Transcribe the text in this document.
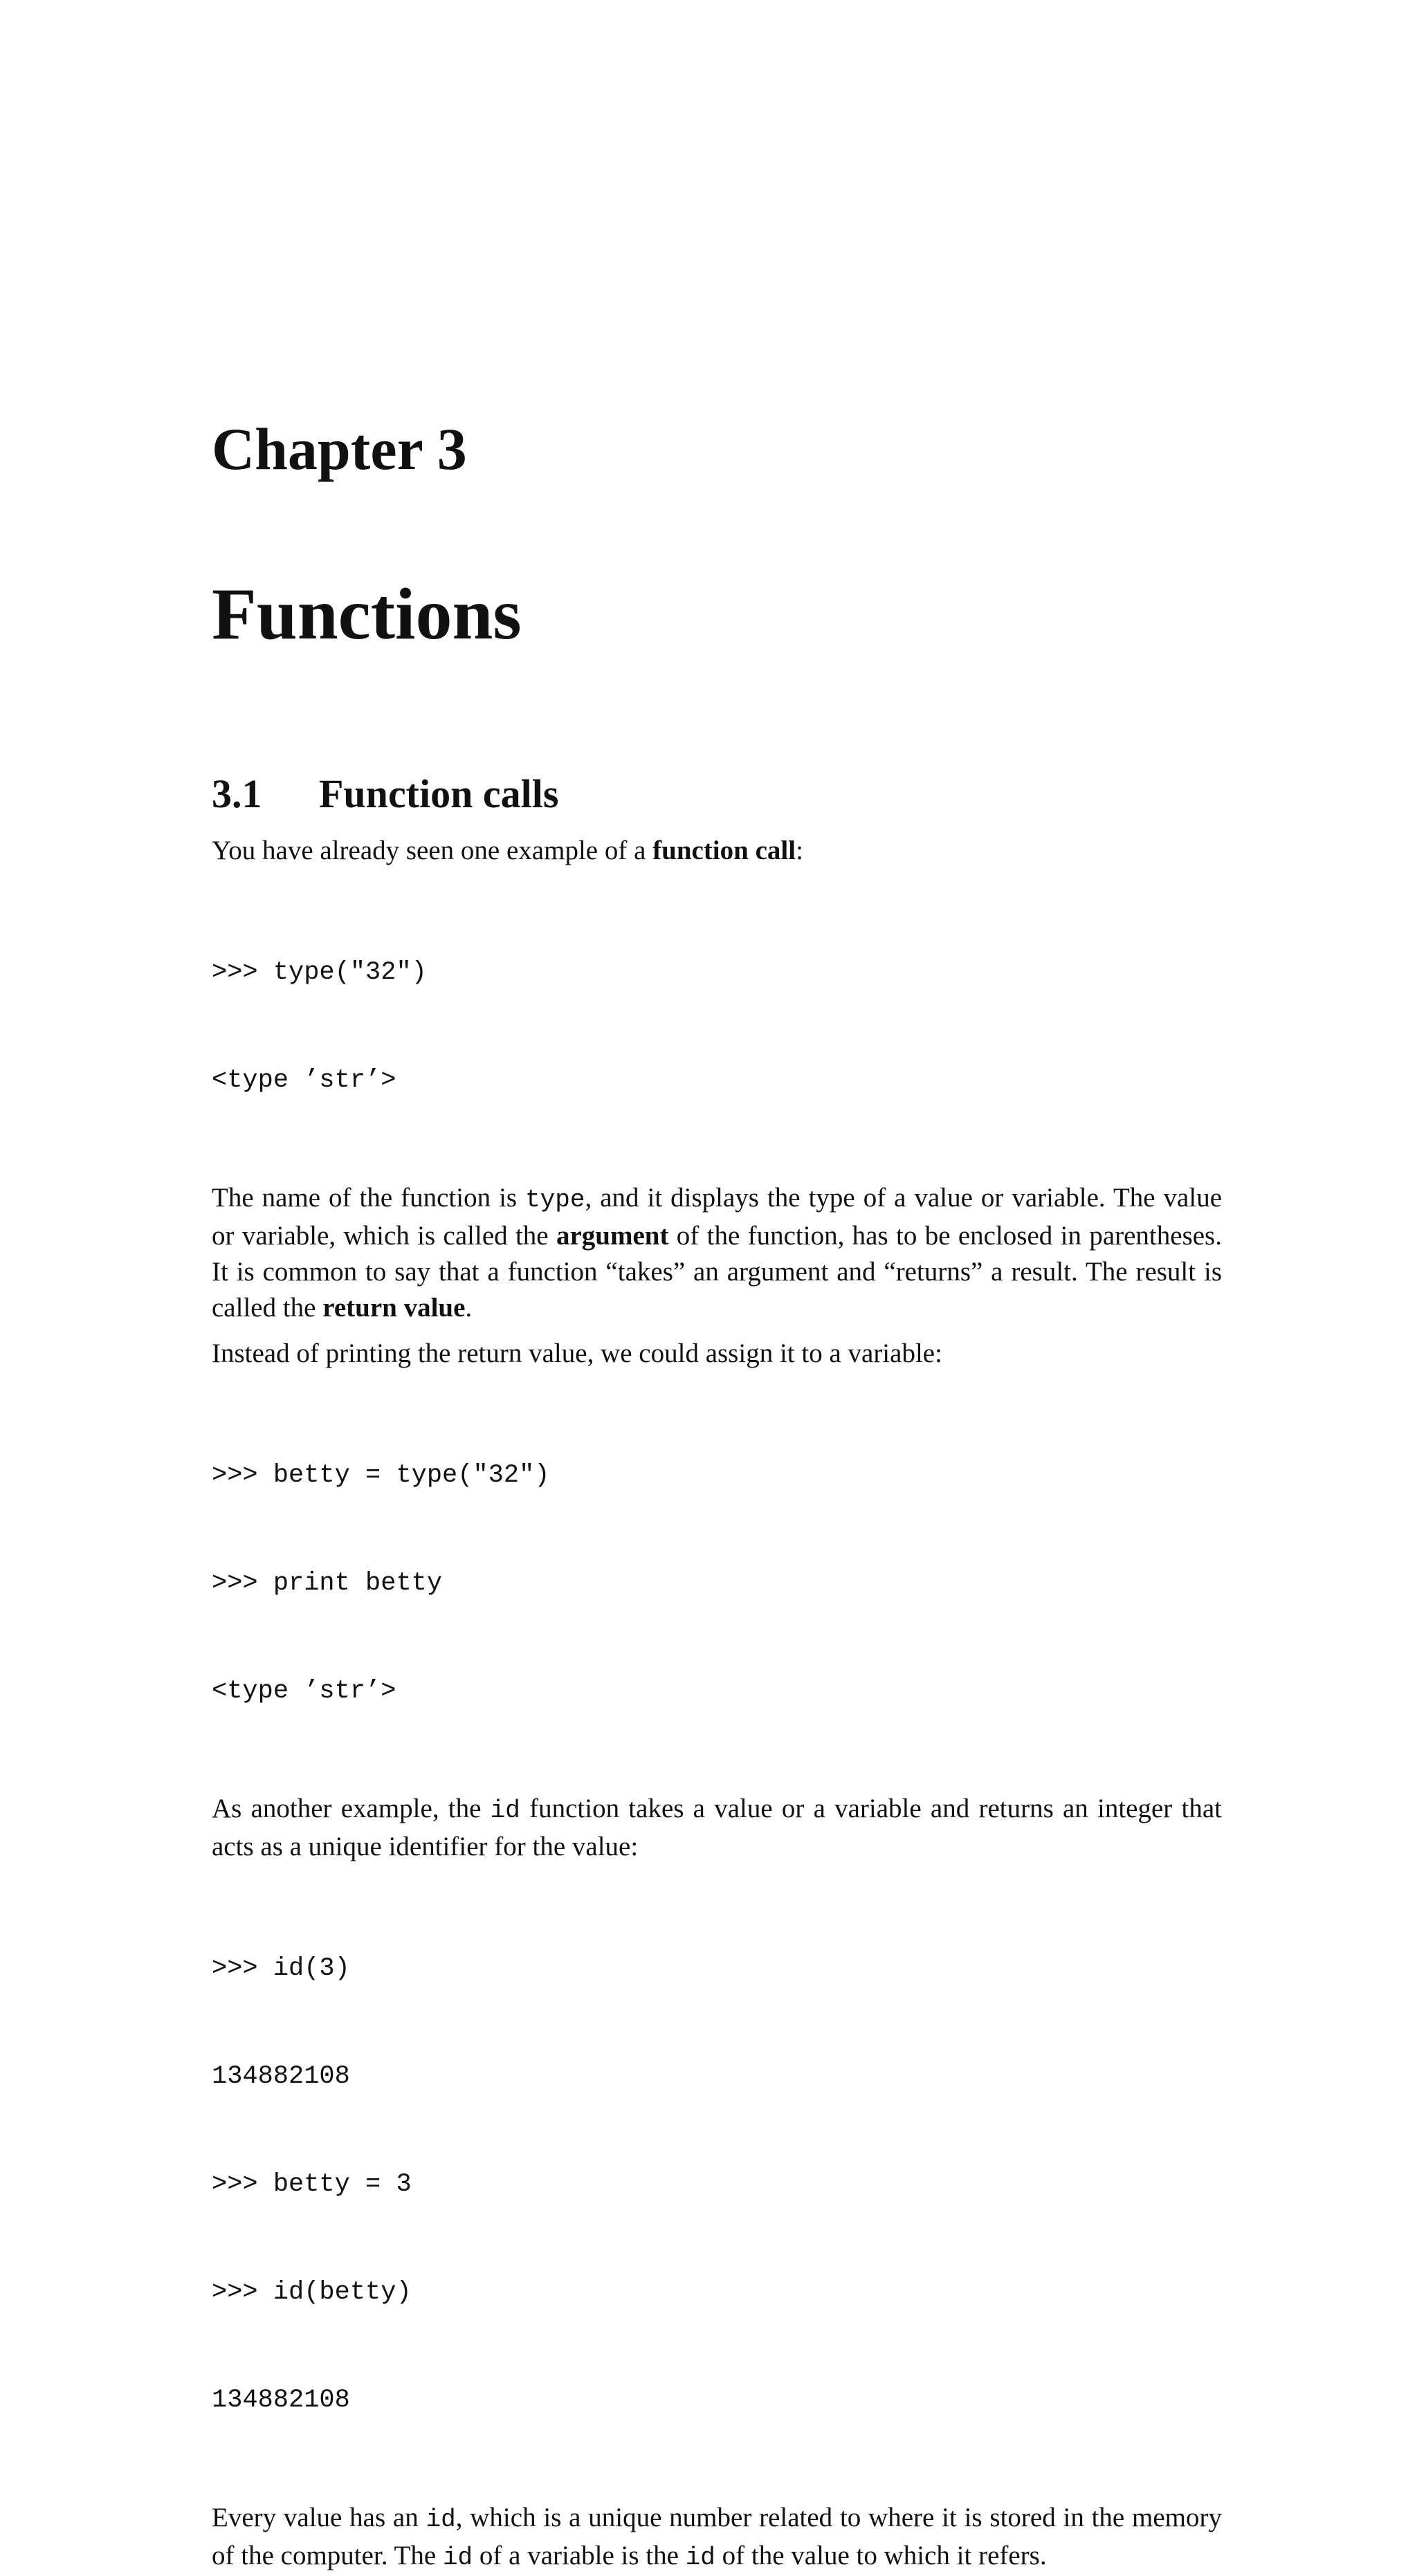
Chapter 3
Functions
3.1	Function calls

You have already seen one example of a function call:

>>> type("32")

<type ’str’>

The name of the function is type, and it displays the type of a value or variable. The value or variable, which is called the argument of the function, has to be enclosed in parentheses. It is common to say that a function “takes” an argument and “returns” a result. The result is called the return value.

Instead of printing the return value, we could assign it to a variable:

>>> betty = type("32")

>>> print betty

<type ’str’>

As another example, the id function takes a value or a variable and returns an integer that acts as a unique identifier for the value:

>>> id(3)

134882108

>>> betty = 3

>>> id(betty)

134882108

Every value has an id, which is a unique number related to where it is stored in the memory of the computer. The id of a variable is the id of the value to which it refers.
